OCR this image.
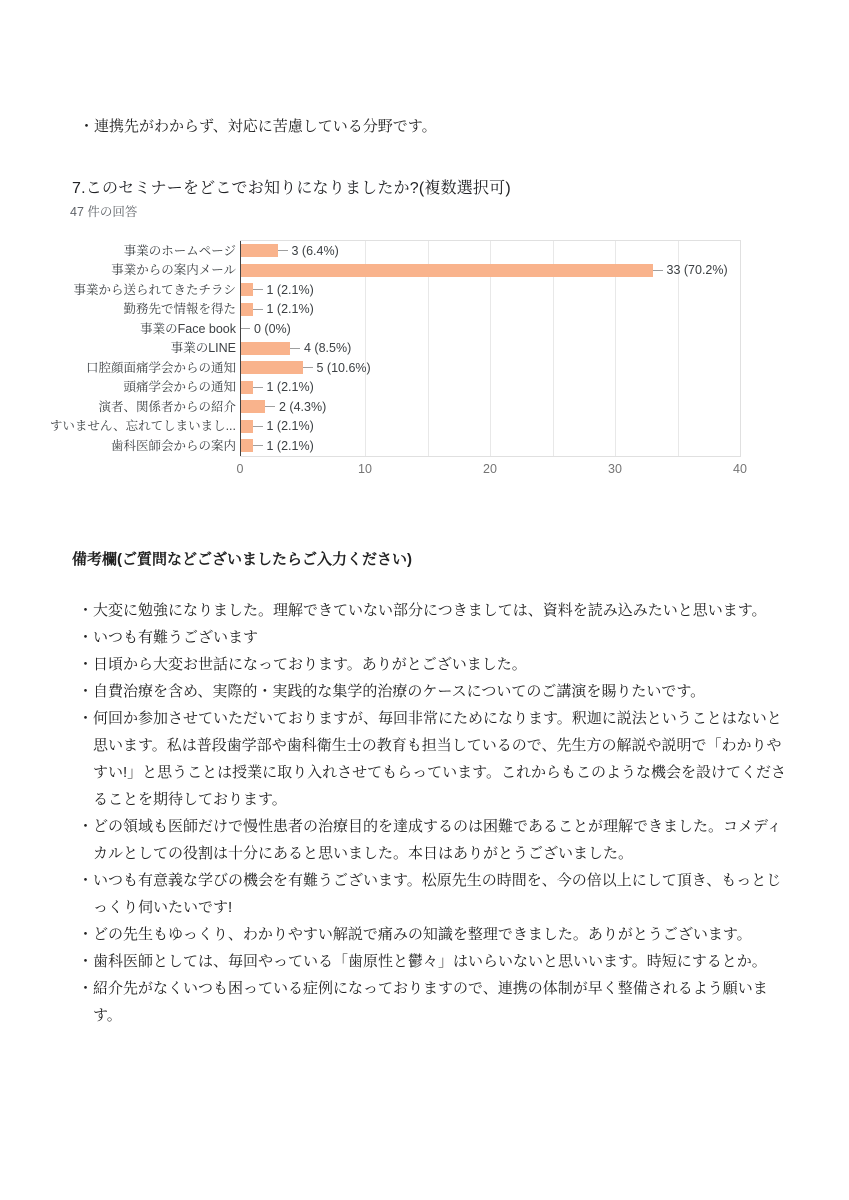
・連携先がわからず、対応に苦慮している分野です。

7.このセミナーをどこでお知りになりましたか?(複数選択可)
47 件の回答
事業のホームページ
事業からの案内メール
事業から送られてきたチラシ
勤務先で情報を得た
事業のFace book
事業のLINE
口腔顔面痛学会からの通知
頭痛学会からの通知
演者、関係者からの紹介
すいません、忘れてしまいまし...
歯科医師会からの案内
3 (6.4%)
33 (70.2%)
1 (2.1%)
1 (2.1%)
0 (0%)
4 (8.5%)
5 (10.6%)
1 (2.1%)
2 (4.3%)
1 (2.1%)
1 (2.1%)
0	10	20	30	40
備考欄(ご質問などございましたらご入力ください)

・大変に勉強になりました。理解できていない部分につきましては、資料を読み込みたいと思います。

・いつも有難うございます

・日頃から大変お世話になっております。ありがとございました。

・自費治療を含め、実際的・実践的な集学的治療のケースについてのご講演を賜りたいです。

・何回か参加させていただいておりますが、毎回非常にためになります。釈迦に説法ということはないと思います。私は普段歯学部や歯科衛生士の教育も担当しているので、先生方の解説や説明で「わかりやすい!」と思うことは授業に取り入れさせてもらっています。これからもこのような機会を設けてくださることを期待しております。

・どの領域も医師だけで慢性患者の治療目的を達成するのは困難であることが理解できました。コメディカルとしての役割は十分にあると思いました。本日はありがとうございました。

・いつも有意義な学びの機会を有難うございます。松原先生の時間を、今の倍以上にして頂き、もっとじっくり伺いたいです!

・どの先生もゆっくり、わかりやすい解説で痛みの知識を整理できました。ありがとうございます。

・歯科医師としては、毎回やっている「歯原性と鬱々」はいらいないと思いいます。時短にするとか。

・紹介先がなくいつも困っている症例になっておりますので、連携の体制が早く整備されるよう願います。
